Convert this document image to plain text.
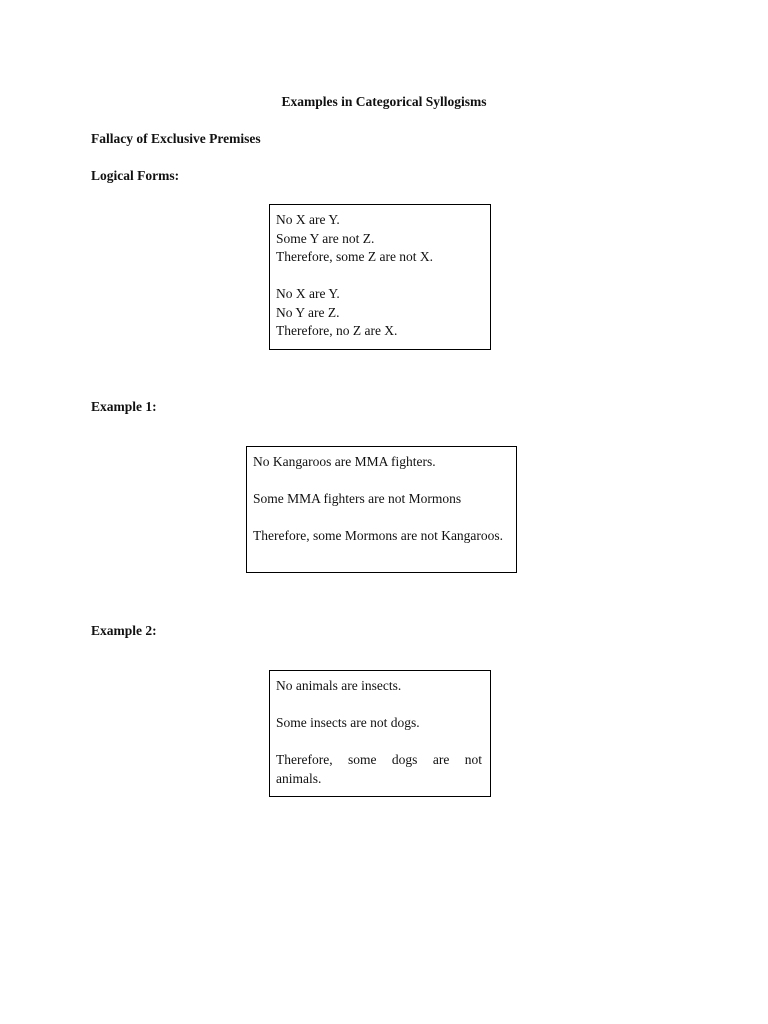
Examples in Categorical Syllogisms
Fallacy of Exclusive Premises
Logical Forms:
No X are Y.
Some Y are not Z.
Therefore, some Z are not X.
No X are Y.
No Y are Z.
Therefore, no Z are X.
Example 1:

No Kangaroos are MMA fighters.

Some MMA fighters are not Mormons

Therefore, some Mormons are not Kangaroos.

Example 2:

No animals are insects.

Some insects are not dogs.

Therefore, some dogs are not animals.
